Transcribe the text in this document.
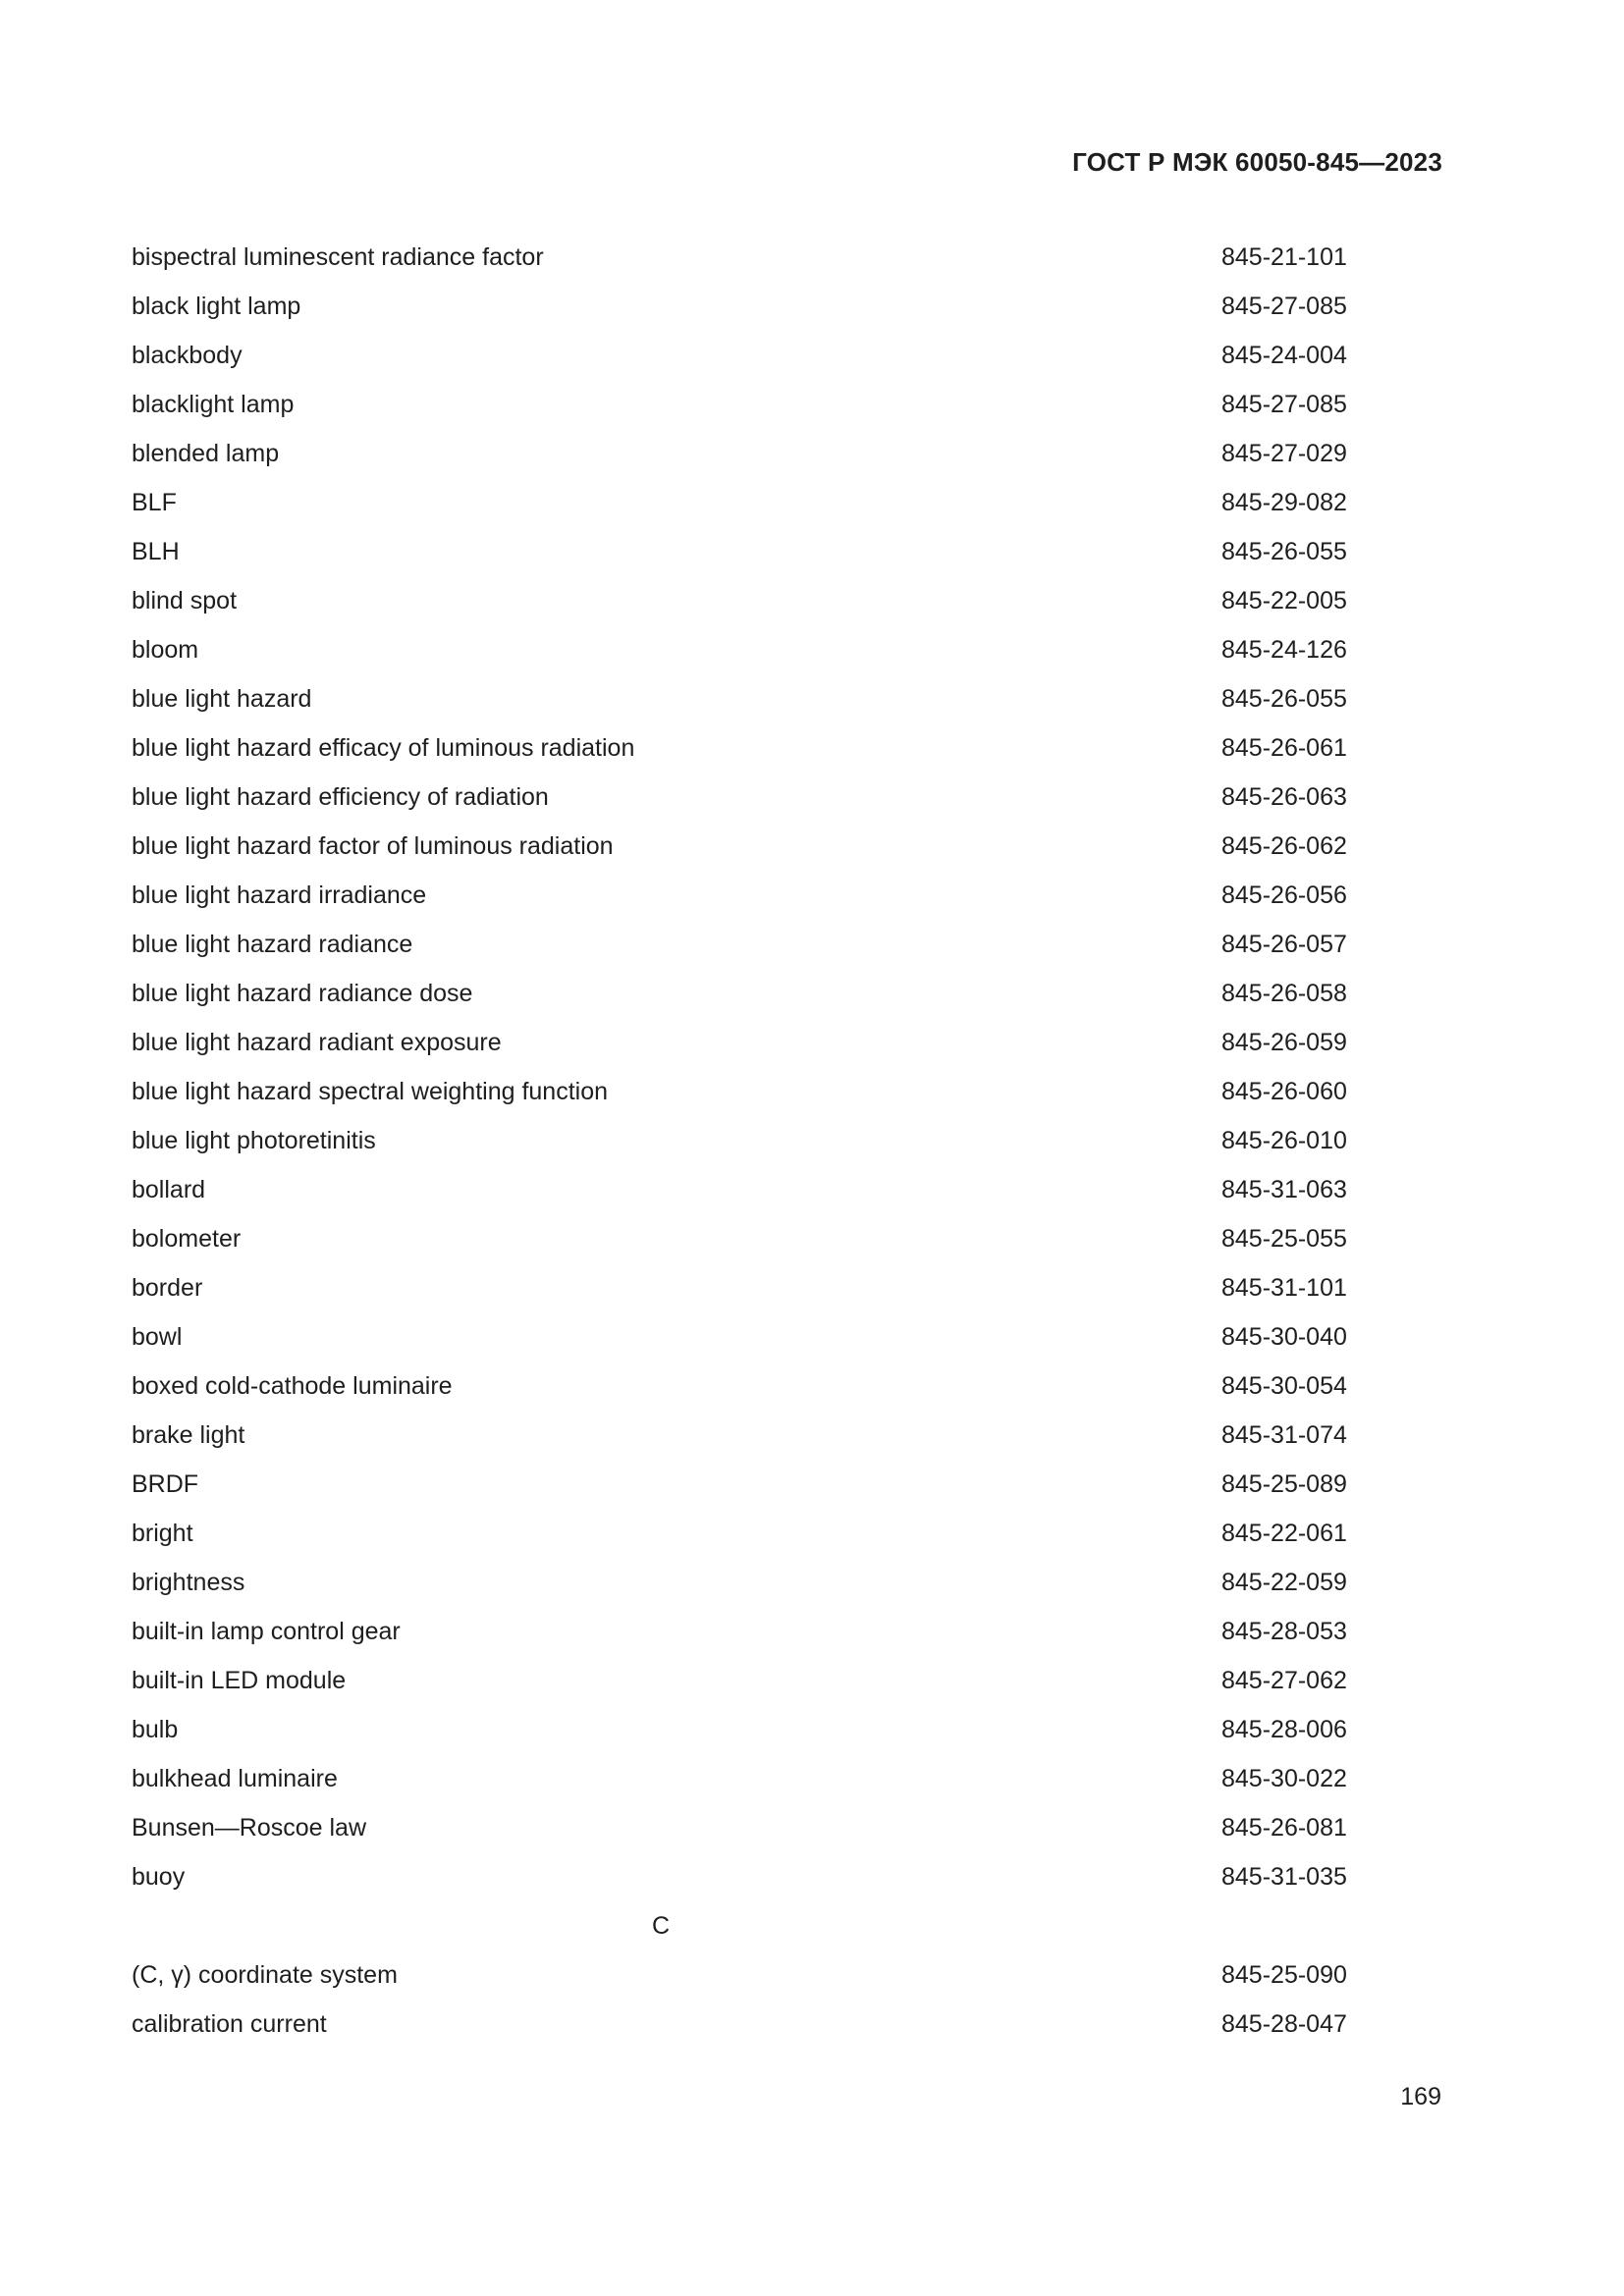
ГОСТ Р МЭК 60050-845—2023
bispectral luminescent radiance factor	845-21-101
black light lamp	845-27-085
blackbody	845-24-004
blacklight lamp	845-27-085
blended lamp	845-27-029
BLF	845-29-082
BLH	845-26-055
blind spot	845-22-005
bloom	845-24-126
blue light hazard	845-26-055
blue light hazard efficacy of luminous radiation	845-26-061
blue light hazard efficiency of radiation	845-26-063
blue light hazard factor of luminous radiation	845-26-062
blue light hazard irradiance	845-26-056
blue light hazard radiance	845-26-057
blue light hazard radiance dose	845-26-058
blue light hazard radiant exposure	845-26-059
blue light hazard spectral weighting function	845-26-060
blue light photoretinitis	845-26-010
bollard	845-31-063
bolometer	845-25-055
border	845-31-101
bowl	845-30-040
boxed cold-cathode luminaire	845-30-054
brake light	845-31-074
BRDF	845-25-089
bright	845-22-061
brightness	845-22-059
built-in lamp control gear	845-28-053
built-in LED module	845-27-062
bulb	845-28-006
bulkhead luminaire	845-30-022
Bunsen—Roscoe law	845-26-081
buoy	845-31-035
C
(C, γ) coordinate system	845-25-090
calibration current	845-28-047
169
